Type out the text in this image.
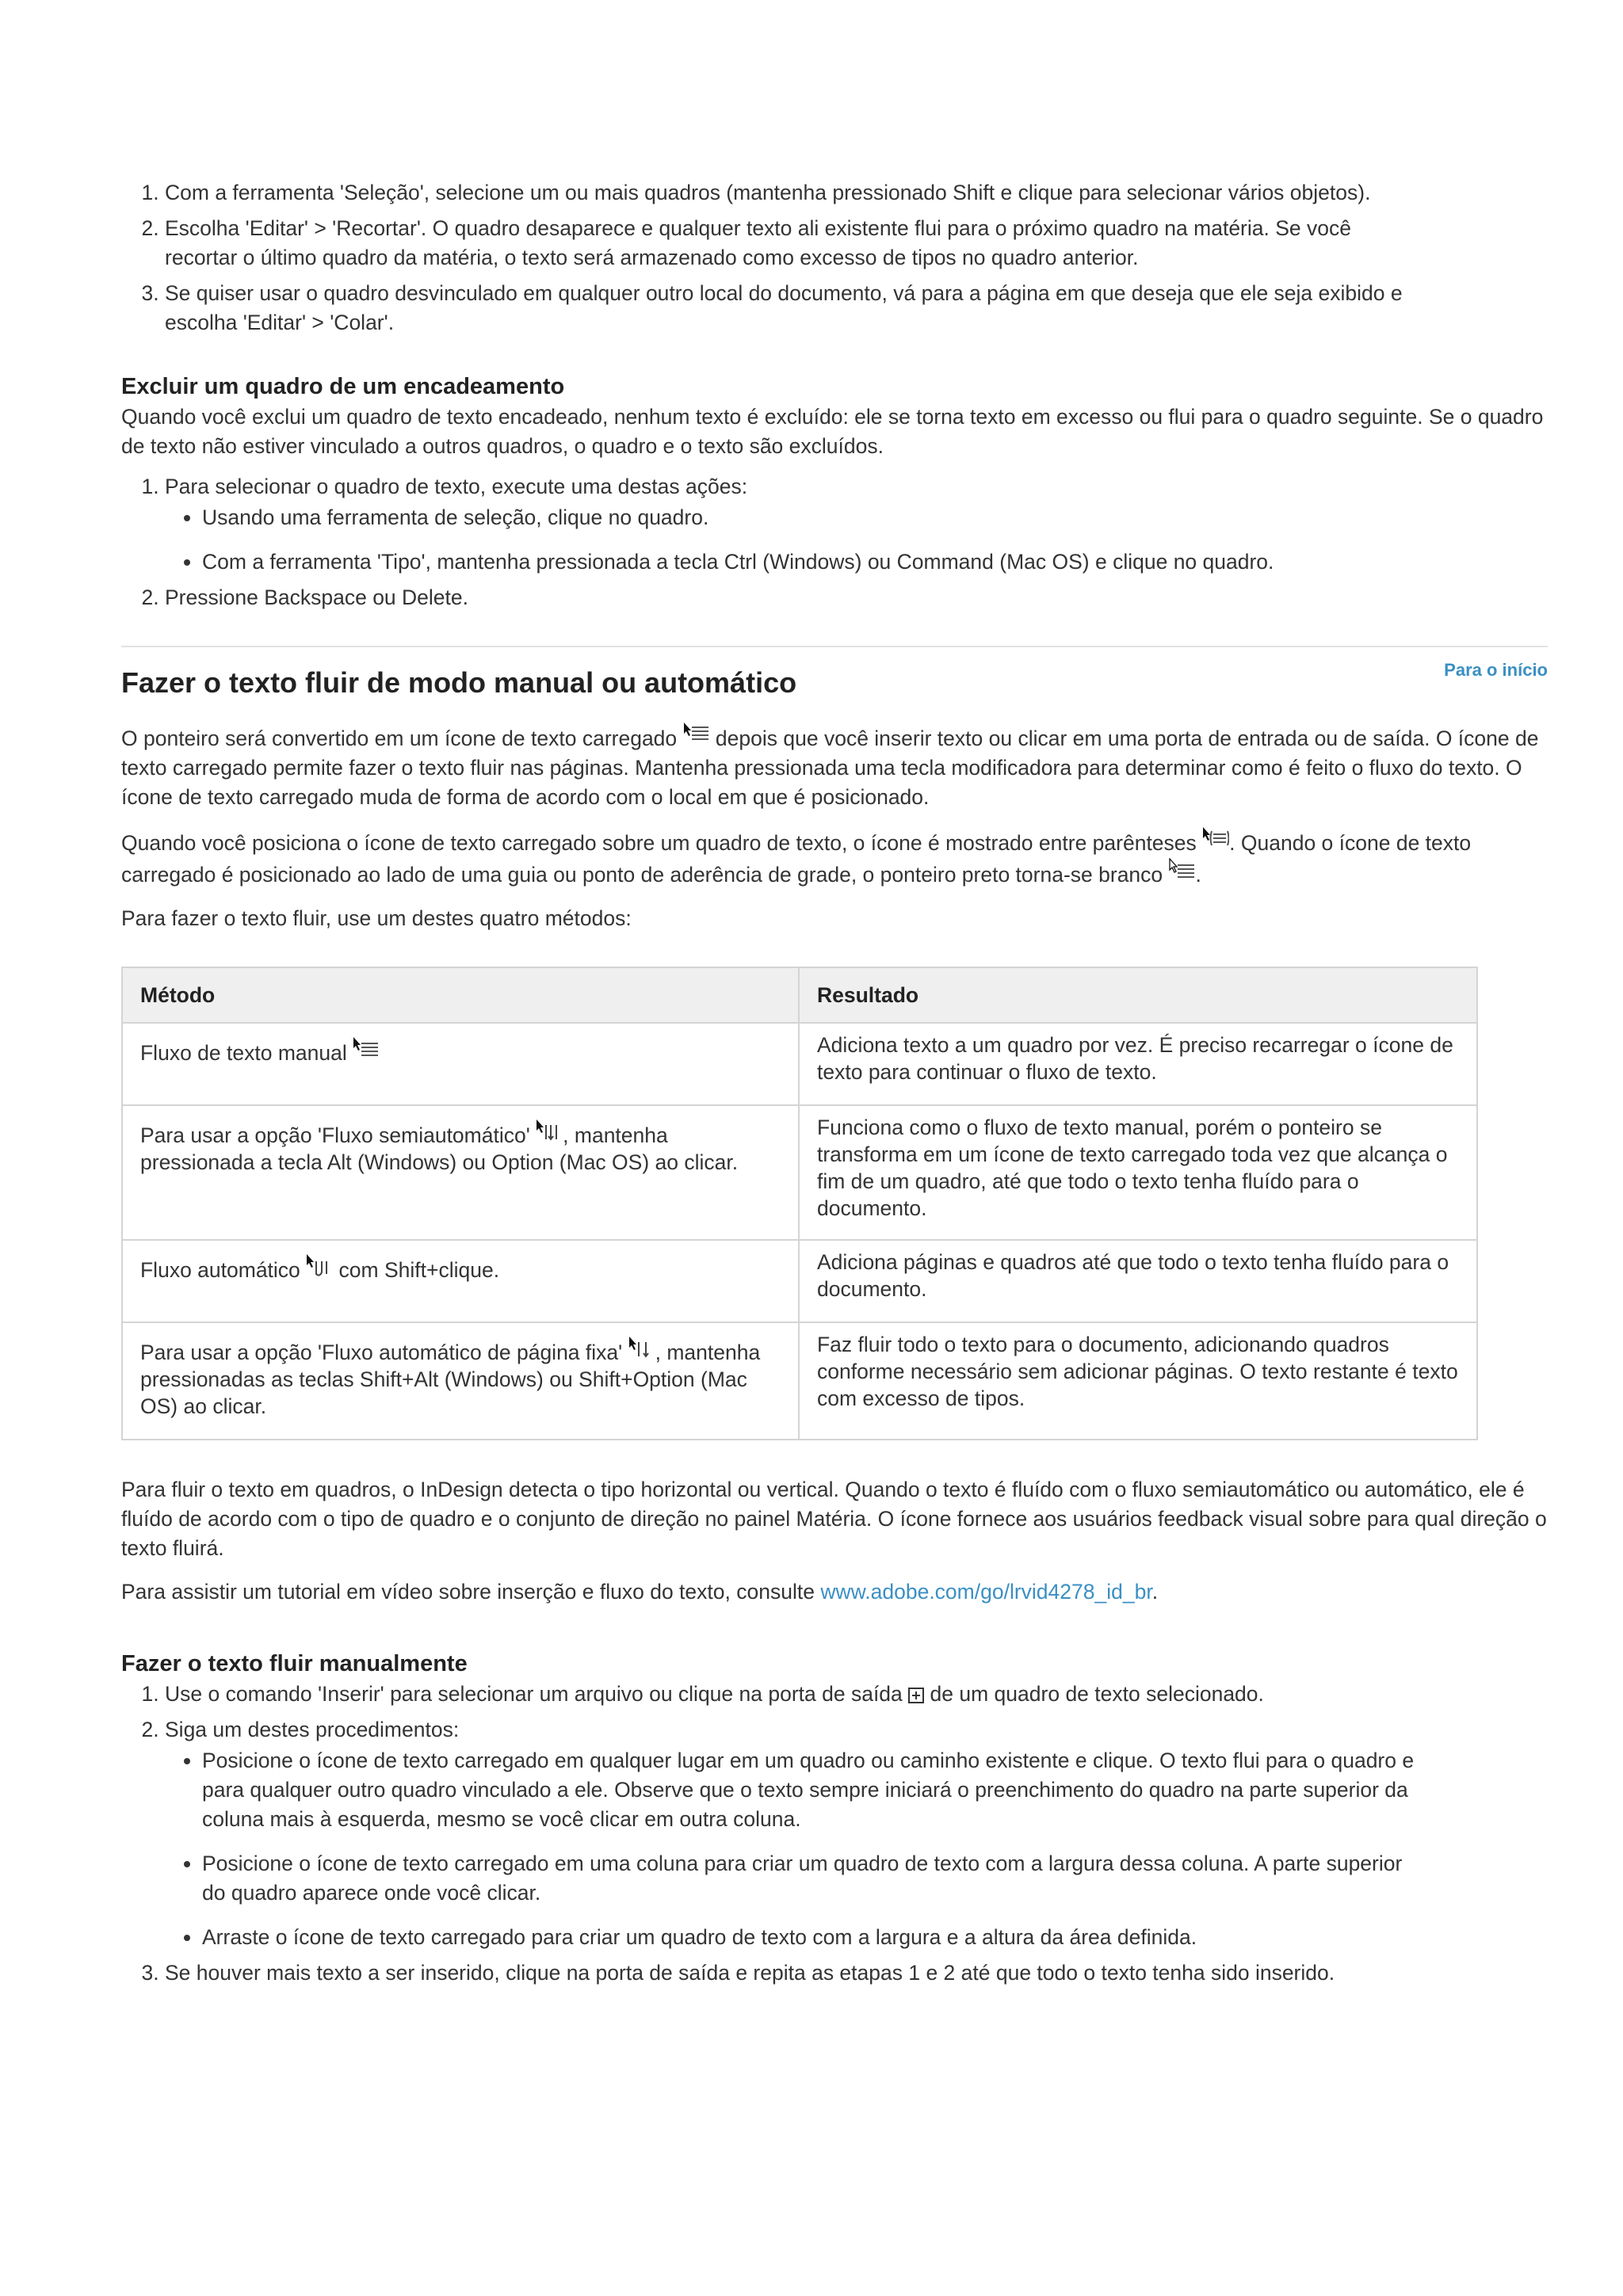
1. Com a ferramenta 'Seleção', selecione um ou mais quadros (mantenha pressionado Shift e clique para selecionar vários objetos).
2. Escolha 'Editar' > 'Recortar'. O quadro desaparece e qualquer texto ali existente flui para o próximo quadro na matéria. Se você recortar o último quadro da matéria, o texto será armazenado como excesso de tipos no quadro anterior.
3. Se quiser usar o quadro desvinculado em qualquer outro local do documento, vá para a página em que deseja que ele seja exibido e escolha 'Editar' > 'Colar'.
Excluir um quadro de um encadeamento

Quando você exclui um quadro de texto encadeado, nenhum texto é excluído: ele se torna texto em excesso ou flui para o quadro seguinte. Se o quadro de texto não estiver vinculado a outros quadros, o quadro e o texto são excluídos.

1. Para selecionar o quadro de texto, execute uma destas ações:
• Usando uma ferramenta de seleção, clique no quadro.
• Com a ferramenta 'Tipo', mantenha pressionada a tecla Ctrl (Windows) ou Command (Mac OS) e clique no quadro.
2. Pressione Backspace ou Delete.
Para o início
Fazer o texto fluir de modo manual ou automático

O ponteiro será convertido em um ícone de texto carregado depois que você inserir texto ou clicar em uma porta de entrada ou de saída. O ícone de texto carregado permite fazer o texto fluir nas páginas. Mantenha pressionada uma tecla modificadora para determinar como é feito o fluxo do texto. O ícone de texto carregado muda de forma de acordo com o local em que é posicionado.

Quando você posiciona o ícone de texto carregado sobre um quadro de texto, o ícone é mostrado entre parênteses . Quando o ícone de texto carregado é posicionado ao lado de uma guia ou ponto de aderência de grade, o ponteiro preto torna-se branco .

Para fazer o texto fluir, use um destes quatro métodos:

Método	Resultado
Fluxo de texto manual	Adiciona texto a um quadro por vez. É preciso recarregar o ícone de texto para continuar o fluxo de texto.
Para usar a opção 'Fluxo semiautomático' , mantenha pressionada a tecla Alt (Windows) ou Option (Mac OS) ao clicar.	Funciona como o fluxo de texto manual, porém o ponteiro se transforma em um ícone de texto carregado toda vez que alcança o fim de um quadro, até que todo o texto tenha fluído para o documento.
Fluxo automático  com Shift+clique.	Adiciona páginas e quadros até que todo o texto tenha fluído para o documento.
Para usar a opção 'Fluxo automático de página fixa' , mantenha pressionadas as teclas Shift+Alt (Windows) ou Shift+Option (Mac OS) ao clicar.	Faz fluir todo o texto para o documento, adicionando quadros conforme necessário sem adicionar páginas. O texto restante é texto com excesso de tipos.

Para fluir o texto em quadros, o InDesign detecta o tipo horizontal ou vertical. Quando o texto é fluído com o fluxo semiautomático ou automático, ele é fluído de acordo com o tipo de quadro e o conjunto de direção no painel Matéria. O ícone fornece aos usuários feedback visual sobre para qual direção o texto fluirá.

Para assistir um tutorial em vídeo sobre inserção e fluxo do texto, consulte www.adobe.com/go/lrvid4278_id_br.

Fazer o texto fluir manualmente
1. Use o comando 'Inserir' para selecionar um arquivo ou clique na porta de saída de um quadro de texto selecionado.
2. Siga um destes procedimentos:
• Posicione o ícone de texto carregado em qualquer lugar em um quadro ou caminho existente e clique. O texto flui para o quadro e para qualquer outro quadro vinculado a ele. Observe que o texto sempre iniciará o preenchimento do quadro na parte superior da coluna mais à esquerda, mesmo se você clicar em outra coluna.
• Posicione o ícone de texto carregado em uma coluna para criar um quadro de texto com a largura dessa coluna. A parte superior do quadro aparece onde você clicar.
• Arraste o ícone de texto carregado para criar um quadro de texto com a largura e a altura da área definida.
3. Se houver mais texto a ser inserido, clique na porta de saída e repita as etapas 1 e 2 até que todo o texto tenha sido inserido.
